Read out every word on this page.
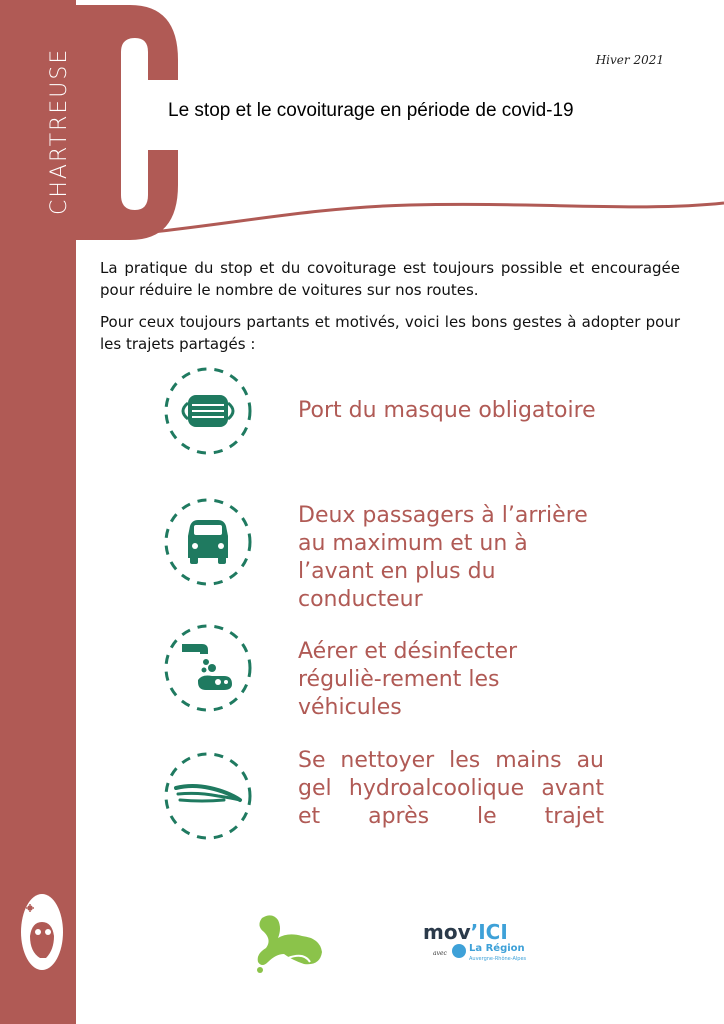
CHARTREUSE	Hiver 2021
Le stop et le covoiturage en période de covid-19

La pratique du stop et du covoiturage est toujours possible et encouragée pour réduire le nombre de voitures sur nos routes.

Pour ceux toujours partants et motivés, voici les bons gestes à adopter pour les trajets partagés :

Port du masque obligatoire

Deux passagers à l’arrière au maximum et un à l’avant en plus du conducteur

Aérer et désinfecter réguliè-rement les véhicules

Se nettoyer les mains au gel hydroalcoolique avant et après le trajet

mov’ICI
avec La Région
Auvergne-Rhône-Alpes
